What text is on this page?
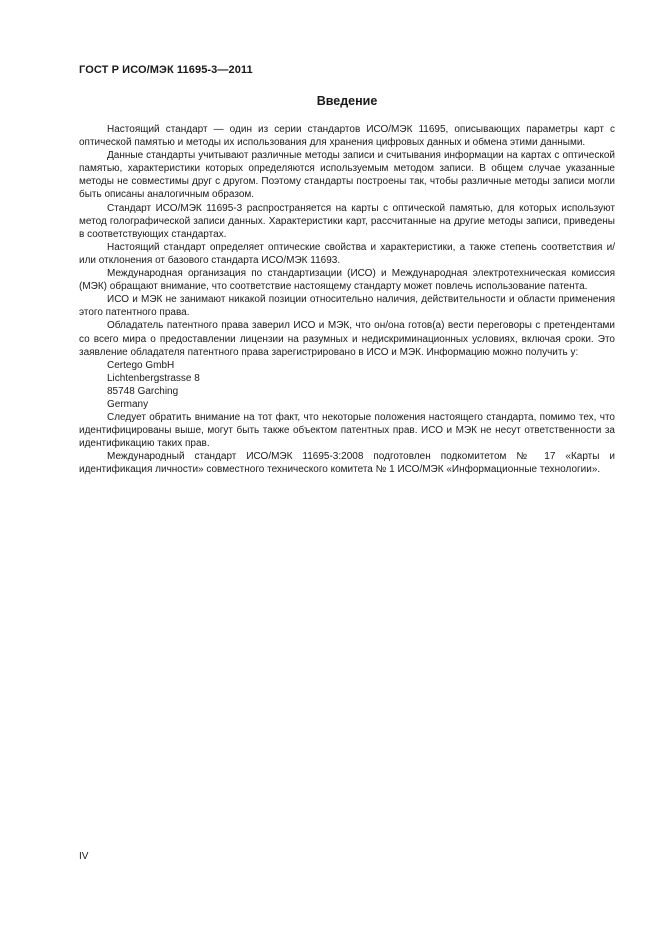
ГОСТ Р ИСО/МЭК 11695-3—2011
Введение

Настоящий стандарт — один из серии стандартов ИСО/МЭК 11695, описывающих параметры карт с оптической памятью и методы их использования для хранения цифровых данных и обмена этими данными.

Данные стандарты учитывают различные методы записи и считывания информации на картах с оптической памятью, характеристики которых определяются используемым методом записи. В общем случае указанные методы не совместимы друг с другом. Поэтому стандарты построены так, чтобы различные методы записи могли быть описаны аналогичным образом.

Стандарт ИСО/МЭК 11695-3 распространяется на карты с оптической памятью, для которых используют метод голографической записи данных. Характеристики карт, рассчитанные на другие методы записи, приведены в соответствующих стандартах.

Настоящий стандарт определяет оптические свойства и характеристики, а также степень соответствия и/или отклонения от базового стандарта ИСО/МЭК 11693.

Международная организация по стандартизации (ИСО) и Международная электротехническая комиссия (МЭК) обращают внимание, что соответствие настоящему стандарту может повлечь использование патента.

ИСО и МЭК не занимают никакой позиции относительно наличия, действительности и области применения этого патентного права.

Обладатель патентного права заверил ИСО и МЭК, что он/она готов(а) вести переговоры с претендентами со всего мира о предоставлении лицензии на разумных и недискриминационных условиях, включая сроки. Это заявление обладателя патентного права зарегистрировано в ИСО и МЭК. Информацию можно получить у:

Certego GmbH

Lichtenbergstrasse 8

85748 Garching

Germany

Следует обратить внимание на тот факт, что некоторые положения настоящего стандарта, помимо тех, что идентифицированы выше, могут быть также объектом патентных прав. ИСО и МЭК не несут ответственности за идентификацию таких прав.

Международный стандарт ИСО/МЭК 11695-3:2008 подготовлен подкомитетом № 17 «Карты и идентификация личности» совместного технического комитета № 1 ИСО/МЭК «Информационные технологии».

IV
